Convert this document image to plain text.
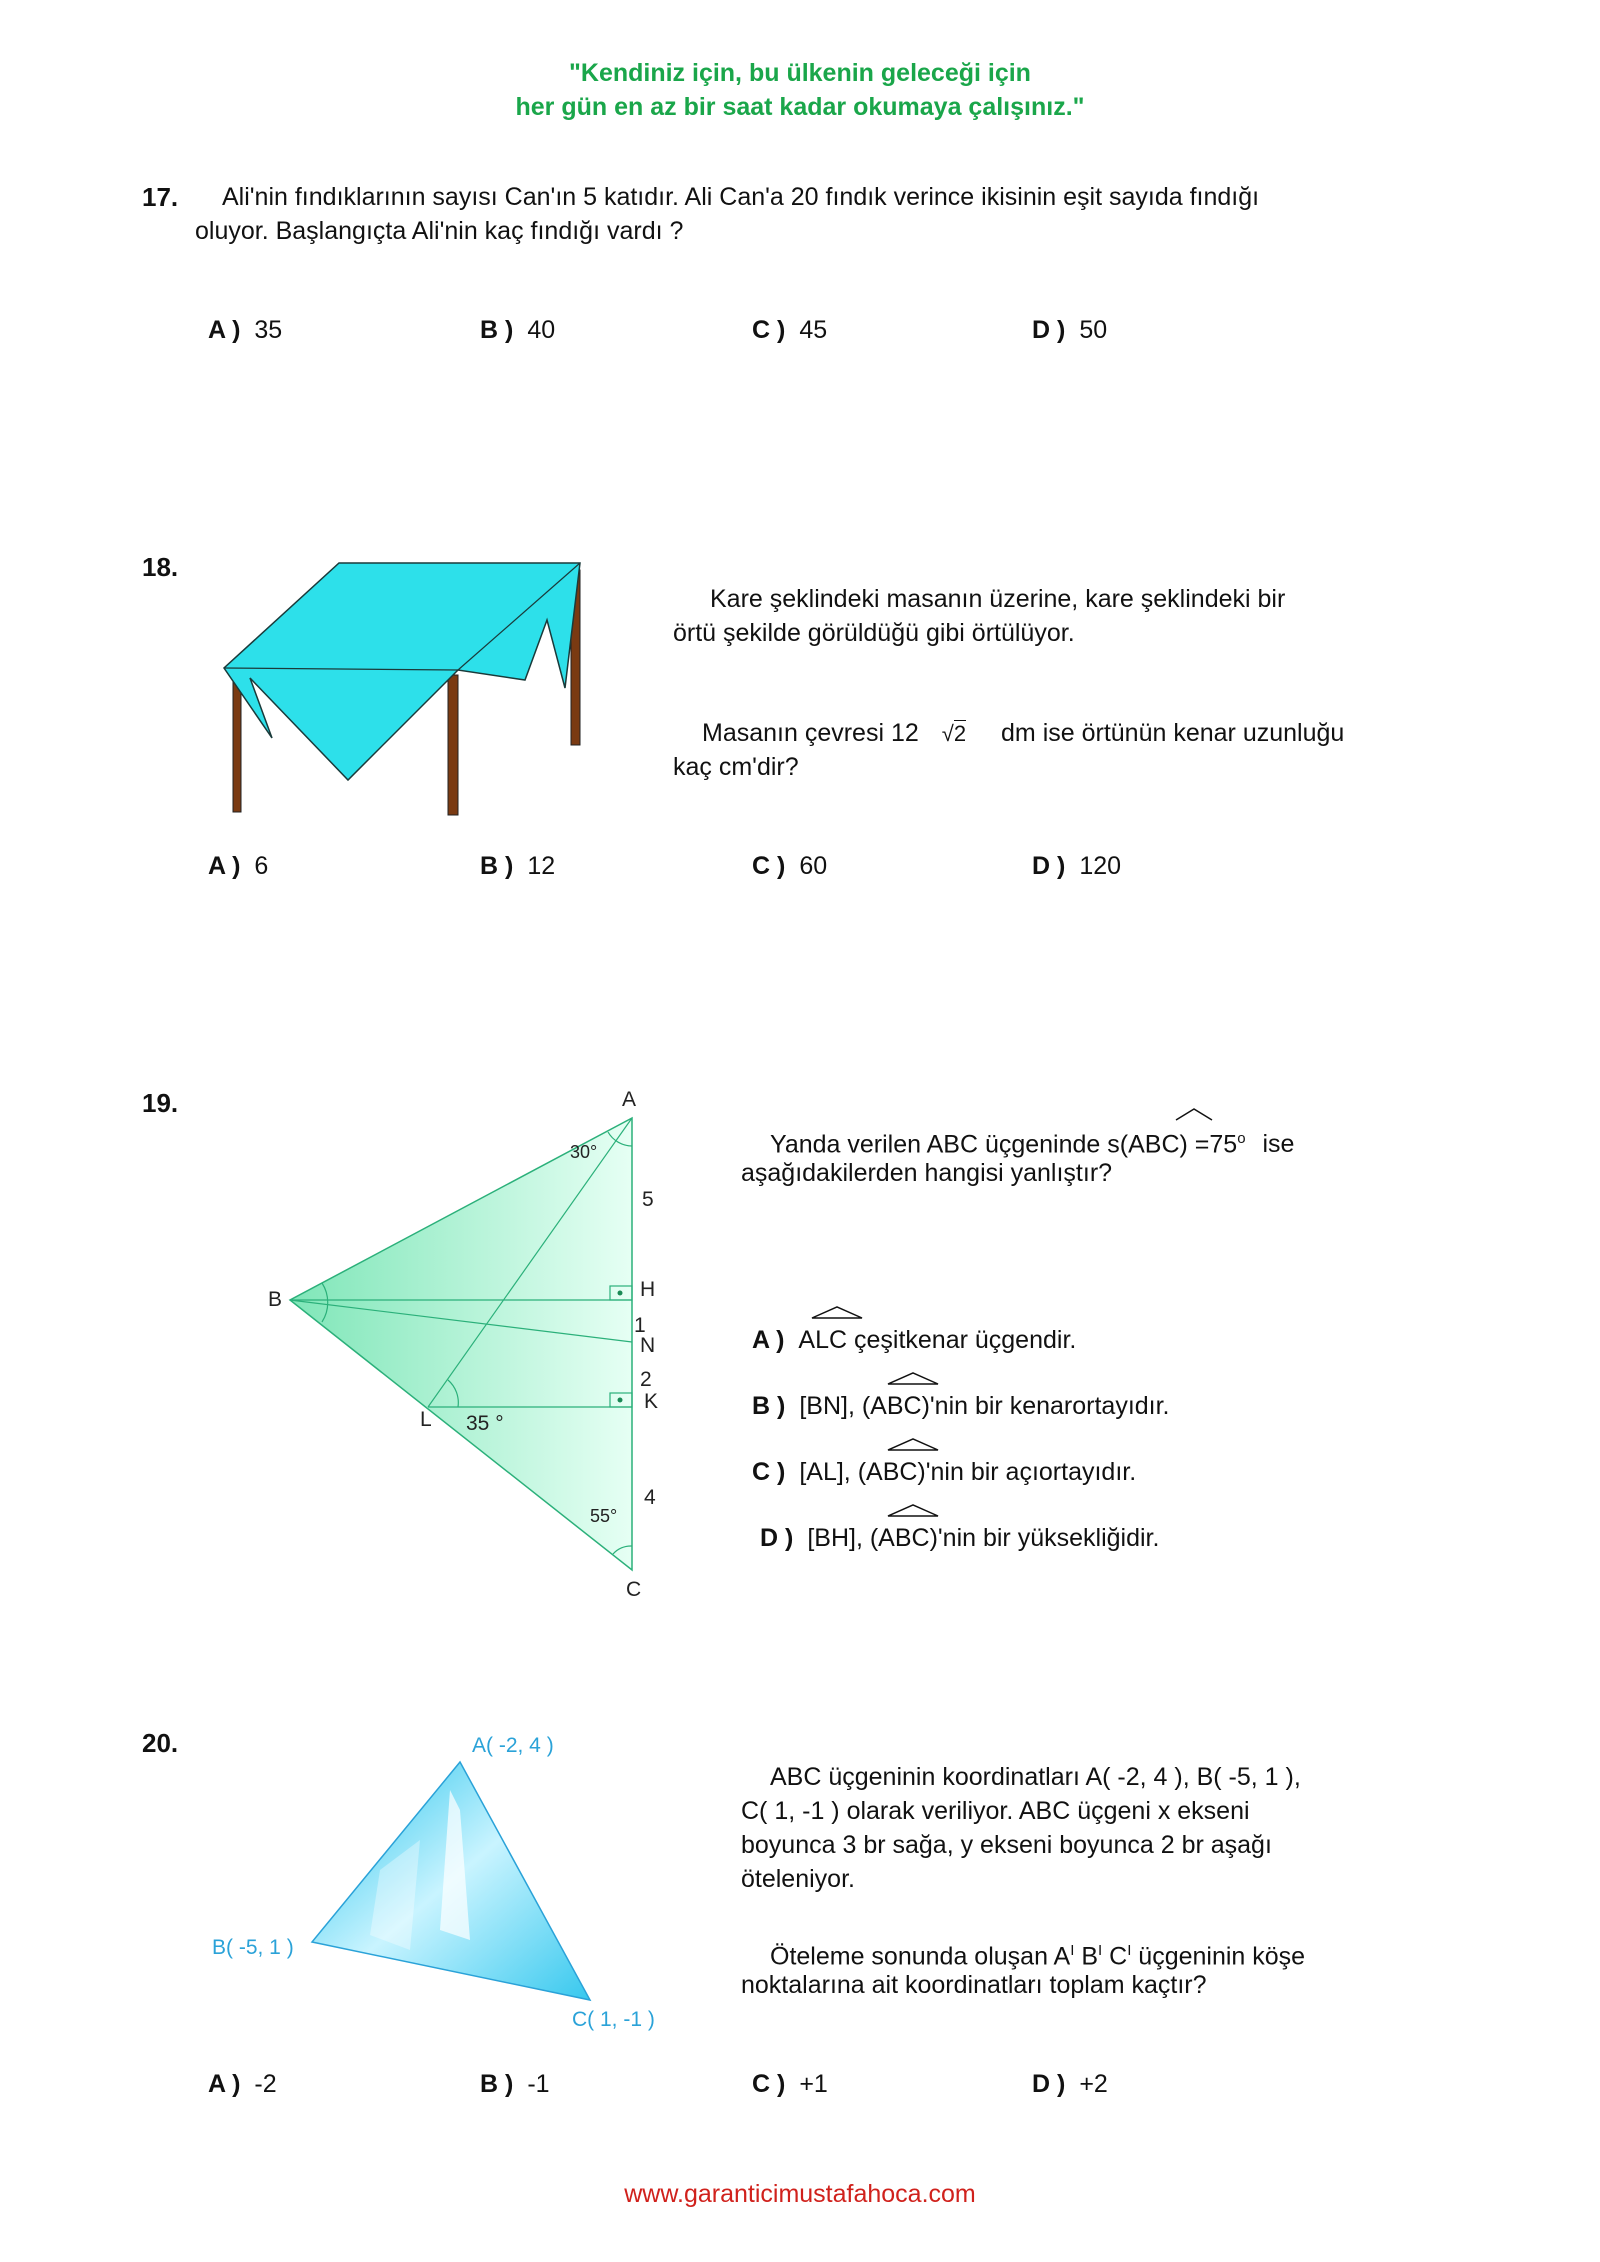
"Kendiniz için, bu ülkenin geleceği için
her gün en az bir saat kadar okumaya çalışınız."
17. Ali'nin fındıklarının sayısı Can'ın 5 katıdır. Ali Can'a 20 fındık verince ikisinin eşit sayıda fındığı
oluyor. Başlangıçta Ali'nin kaç fındığı vardı ?
A ) 35	B ) 40	C ) 45	D ) 50
18.
Kare şeklindeki masanın üzerine, kare şeklindeki bir
örtü şekilde görüldüğü gibi örtülüyor.
Masanın çevresi 12 √2 dm ise örtünün kenar uzunluğu
kaç cm'dir?
A ) 6	B ) 12	C ) 60	D ) 120
19.	A
B
C
H
N
K
L
30°
35 °
55°
5
1
2
4
Yanda verilen ABC üçgeninde $s(ABC) =75^o$ ise
aşağıdakilerden hangisi yanlıştır?
A ) ALC çeşitkenar üçgendir.
B ) [BN], (ABC)'nin bir kenarortayıdır.
C ) [AL], (ABC)'nin bir açıortayıdır.
D ) [BH], (ABC)'nin bir yüksekliğidir.
20.	A( -2, 4 )
B( -5, 1 )
C( 1, -1 )
ABC üçgeninin koordinatları A( -2, 4 ), B( -5, 1 ),
C( 1, -1 ) olarak veriliyor. ABC üçgeni x ekseni
boyunca 3 br sağa, y ekseni boyunca 2 br aşağı
öteleniyor.
Öteleme sonunda oluşan $A^I$ $B^I$ $C^I$ üçgeninin köşe
noktalarına ait koordinatları toplam kaçtır?
A ) -2	B ) -1	C ) +1	D ) +2
www.garanticimustafahoca.com
